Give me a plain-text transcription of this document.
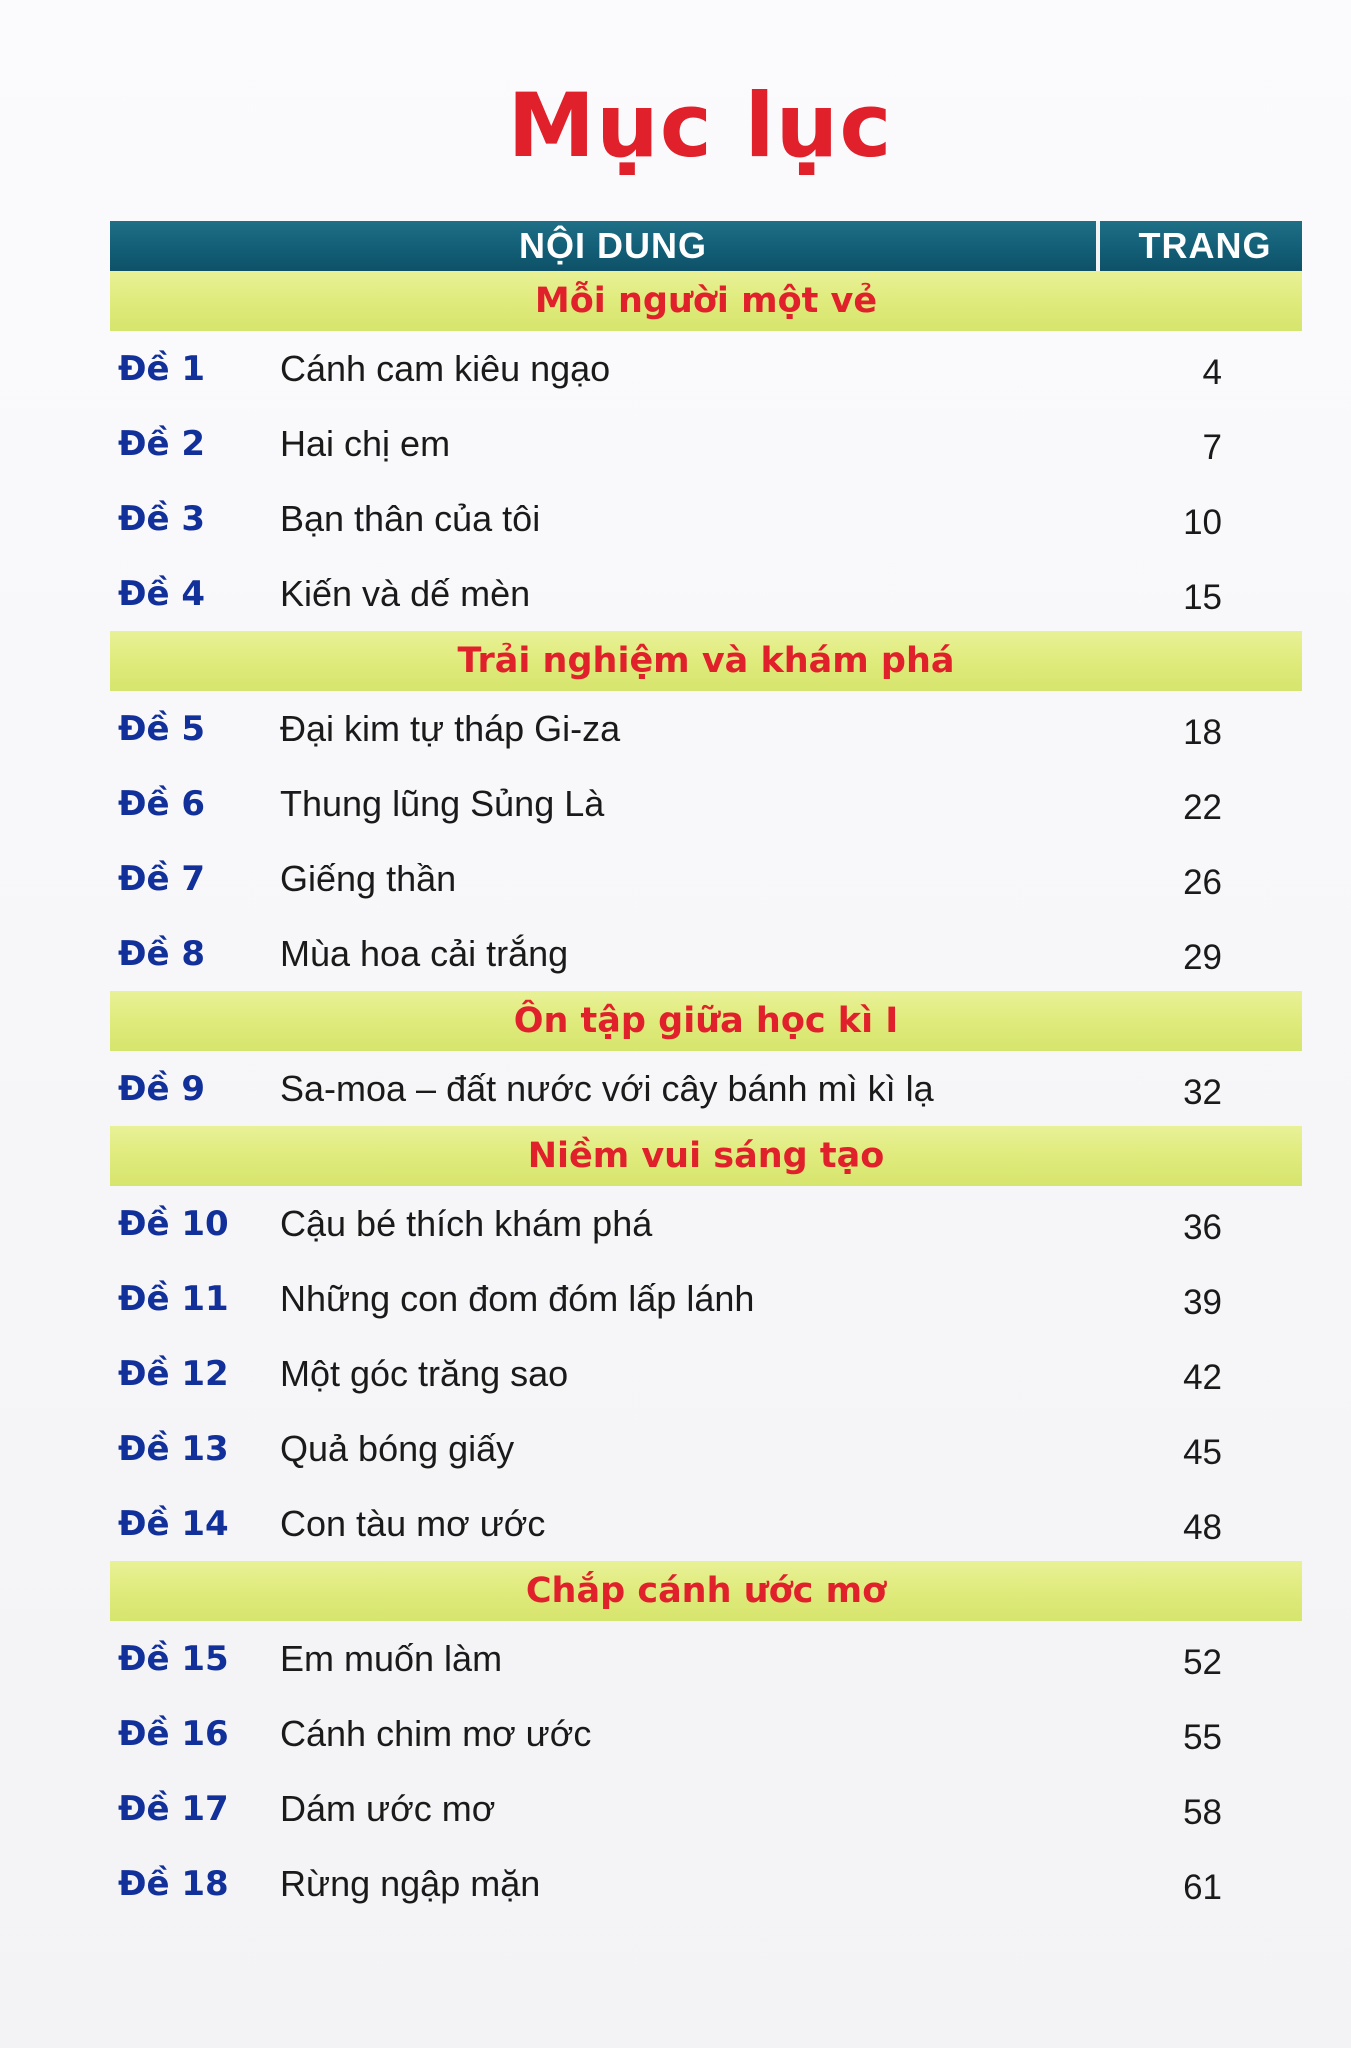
Mục lục
NỘI DUNG	TRANG
Mỗi người một vẻ
Đề 1	Cánh cam kiêu ngạo	4
Đề 2	Hai chị em	7
Đề 3	Bạn thân của tôi	10
Đề 4	Kiến và dế mèn	15
Trải nghiệm và khám phá
Đề 5	Đại kim tự tháp Gi-za	18
Đề 6	Thung lũng Sủng Là	22
Đề 7	Giếng thần	26
Đề 8	Mùa hoa cải trắng	29
Ôn tập giữa học kì I
Đề 9	Sa-moa – đất nước với cây bánh mì kì lạ	32
Niềm vui sáng tạo
Đề 10	Cậu bé thích khám phá	36
Đề 11	Những con đom đóm lấp lánh	39
Đề 12	Một góc trăng sao	42
Đề 13	Quả bóng giấy	45
Đề 14	Con tàu mơ ước	48
Chắp cánh ước mơ
Đề 15	Em muốn làm	52
Đề 16	Cánh chim mơ ước	55
Đề 17	Dám ước mơ	58
Đề 18	Rừng ngập mặn	61
